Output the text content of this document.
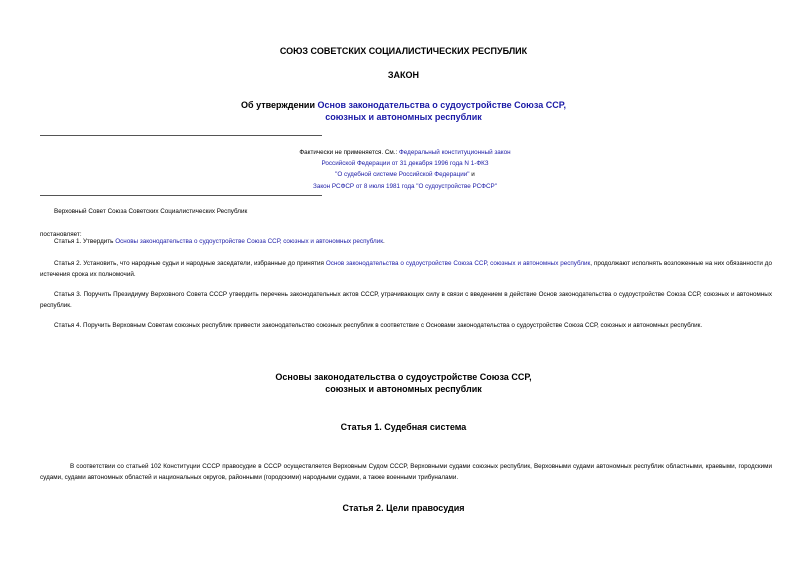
СОЮЗ СОВЕТСКИХ СОЦИАЛИСТИЧЕСКИХ РЕСПУБЛИК
ЗАКОН
Об утверждении Основ законодательства о судоустройстве Союза ССР,
союзных и автономных республик
Фактически не применяется. См.: Федеральный конституционный закон
Российской Федерации от 31 декабря 1996 года N 1-ФКЗ
"О судебной системе Российской Федерации" и
Закон РСФСР от 8 июля 1981 года "О судоустройстве РСФСР"
Верховный Совет Союза Советских Социалистических Республик
постановляет:
Статья 1. Утвердить Основы законодательства о судоустройстве Союза ССР, союзных и автономных республик.
Статья 2. Установить, что народные судьи и народные заседатели, избранные до принятия Основ законодательства о судоустройстве Союза ССР, союзных и автономных республик, продолжают исполнять возложенные на них обязанности до истечения срока их полномочий.
Статья 3. Поручить Президиуму Верховного Совета СССР утвердить перечень законодательных актов СССР, утрачивающих силу в связи с введением в действие Основ законодательства о судоустройстве Союза ССР, союзных и автономных республик.
Статья 4. Поручить Верховным Советам союзных республик привести законодательство союзных республик в соответствие с Основами законодательства о судоустройстве Союза ССР, союзных и автономных республик.
Основы законодательства о судоустройстве Союза ССР,
союзных и автономных республик
Статья 1. Судебная система
В соответствии со статьей 102 Конституции СССР правосудие в СССР осуществляется Верховным Судом СССР, Верховными судами союзных республик, Верховными судами автономных республик областными, краевыми, городскими судами, судами автономных областей и национальных округов, районными (городскими) народными судами, а также военными трибуналами.
Статья 2. Цели правосудия
